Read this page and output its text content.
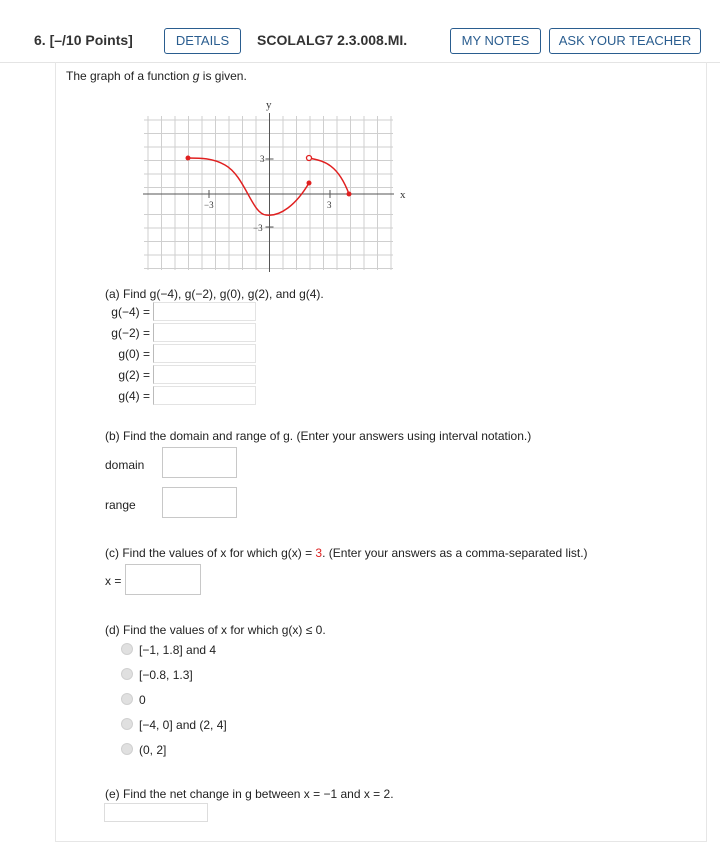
6. [–/10 Points]	DETAILS	SCOLALG7 2.3.008.MI.	MY NOTES	ASK YOUR TEACHER
The graph of a function g is given.
y
x
−3	3
3
−3
(a) Find g(−4), g(−2), g(0), g(2), and g(4).
g(−4) =
g(−2) =
g(0) =
g(2) =
g(4) =
(b) Find the domain and range of g. (Enter your answers using interval notation.)
domain
range
(c) Find the values of x for which g(x) = 3. (Enter your answers as a comma-separated list.)
x =
(d) Find the values of x for which g(x) ≤ 0.
[−1, 1.8] and 4
[−0.8, 1.3]
0
[−4, 0] and (2, 4]
(0, 2]
(e) Find the net change in g between x = −1 and x = 2.
